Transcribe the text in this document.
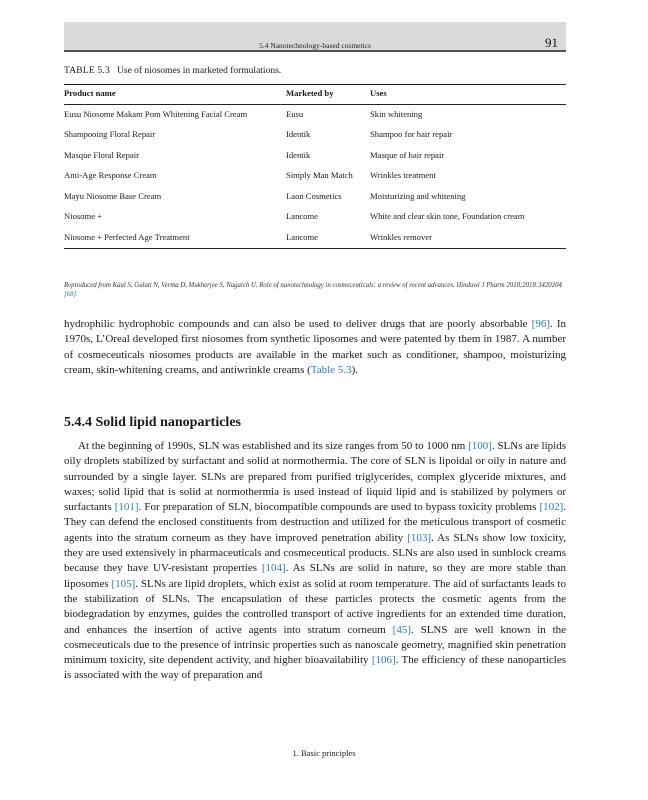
5.4 Nanotechnology-based cosmetics	91
TABLE 5.3 Use of niosomes in marketed formulations.
Product name	Marketed by	Uses
Eusu Niosome Makam Pom Whitening Facial Cream	Eusu	Skin whitening
Shampooing Floral Repair	Identik	Shampoo for hair repair
Masque Floral Repair	Identik	Masque of hair repair
Anti-Age Response Cream	Simply Man Match	Wrinkles treatment
Mayu Niosome Base Cream	Laon Cosmetics	Moisturizing and whitening
Niosome +	Lancome	White and clear skin tone, Foundation cream
Niosome + Perfected Age Treatment	Lancome	Wrinkles remover
Reproduced from Kaul S, Gulati N, Verma D, Mukherjee S, Nagaich U. Role of nanotechnology in cosmeceuticals: a review of recent advances. Hindawi J Pharm 2018;2018:3420204 [68].

hydrophilic hydrophobic compounds and can also be used to deliver drugs that are poorly absorbable [96]. In 1970s, L’Oreal developed first niosomes from synthetic liposomes and were patented by them in 1987. A number of cosmeceuticals niosomes products are available in the market such as conditioner, shampoo, moisturizing cream, skin-whitening creams, and antiwrinkle creams (Table 5.3).

5.4.4 Solid lipid nanoparticles

At the beginning of 1990s, SLN was established and its size ranges from 50 to 1000 nm [100]. SLNs are lipids oily droplets stabilized by surfactant and solid at normothermia. The core of SLN is lipoidal or oily in nature and surrounded by a single layer. SLNs are prepared from purified triglycerides, complex glyceride mixtures, and waxes; solid lipid that is solid at normothermia is used instead of liquid lipid and is stabilized by polymers or surfactants [101]. For preparation of SLN, biocompatible compounds are used to bypass toxicity problems [102]. They can defend the enclosed constituents from destruction and utilized for the meticulous transport of cosmetic agents into the stratum corneum as they have improved penetration ability [103]. As SLNs show low toxicity, they are used extensively in pharmaceuticals and cosmeceutical products. SLNs are also used in sunblock creams because they have UV-resistant properties [104]. As SLNs are solid in nature, so they are more stable than liposomes [105]. SLNs are lipid droplets, which exist as solid at room temperature. The aid of surfactants leads to the stabilization of SLNs. The encapsulation of these particles protects the cosmetic agents from the biodegradation by enzymes, guides the controlled transport of active ingredients for an extended time duration, and enhances the insertion of active agents into stratum corneum [45]. SLNS are well known in the cosmeceuticals due to the presence of intrinsic properties such as nanoscale geometry, magnified skin penetration minimum toxicity, site dependent activity, and higher bioavailability [106]. The efficiency of these nanoparticles is associated with the way of preparation and

1. Basic principles
